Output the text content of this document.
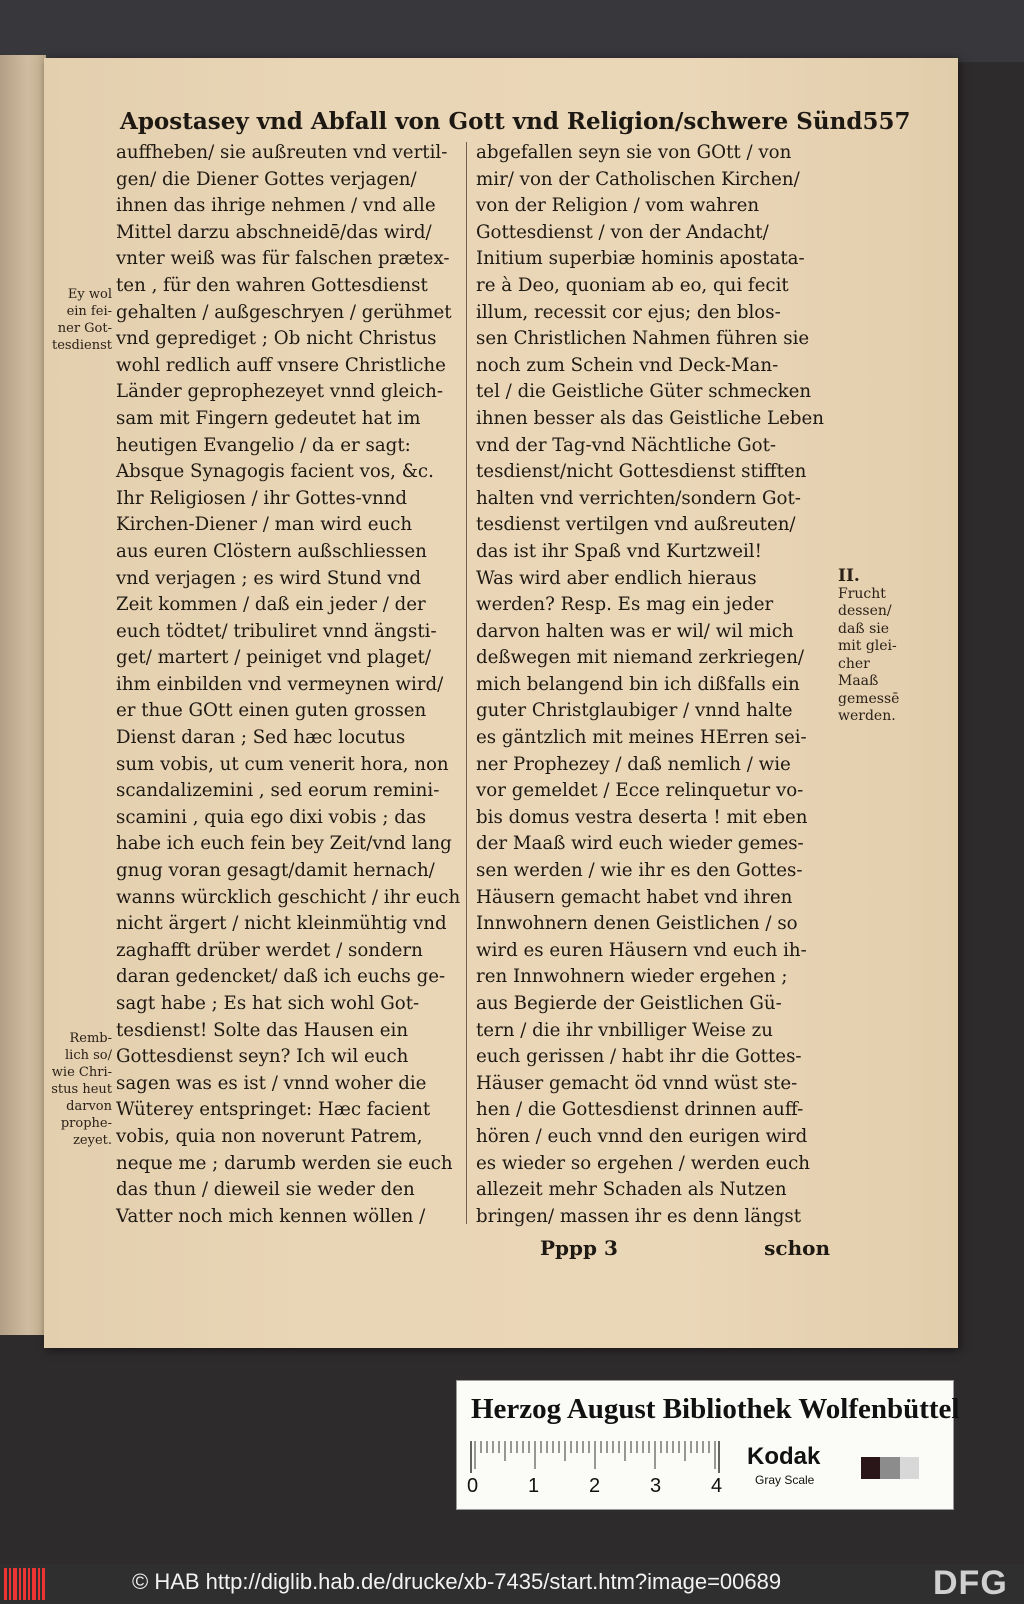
Apostasey vnd Abfall von Gott vnd Religion/schwere Sünd 557
auffheben/ sie außreuten vnd vertil-
gen/ die Diener Gottes verjagen/
ihnen das ihrige nehmen / vnd alle
Mittel darzu abschneidē/das wird/
vnter weiß was für falschen prætex-
ten , für den wahren Gottesdienst
gehalten / außgeschryen / gerühmet
vnd geprediget ; Ob nicht Christus
wohl redlich auff vnsere Christliche
Länder geprophezeyet vnnd gleich-
sam mit Fingern gedeutet hat im
heutigen Evangelio / da er sagt:
Absque Synagogis facient vos, &c.
Ihr Religiosen / ihr Gottes-vnnd
Kirchen-Diener / man wird euch
aus euren Clöstern außschliessen
vnd verjagen ; es wird Stund vnd
Zeit kommen / daß ein jeder / der
euch tödtet/ tribuliret vnnd ängsti-
get/ martert / peiniget vnd plaget/
ihm einbilden vnd vermeynen wird/
er thue GOtt einen guten grossen
Dienst daran ; Sed hæc locutus
sum vobis, ut cum venerit hora, non
scandalizemini , sed eorum remini-
scamini , quia ego dixi vobis ; das
habe ich euch fein bey Zeit/vnd lang
gnug voran gesagt/damit hernach/
wanns würcklich geschicht / ihr euch
nicht ärgert / nicht kleinmühtig vnd
zaghafft drüber werdet / sondern
daran gedencket/ daß ich euchs ge-
sagt habe ; Es hat sich wohl Got-
tesdienst! Solte das Hausen ein
Gottesdienst seyn? Ich wil euch
sagen was es ist / vnnd woher die
Wüterey entspringet: Hæc facient
vobis, quia non noverunt Patrem,
neque me ; darumb werden sie euch
das thun / dieweil sie weder den
Vatter noch mich kennen wöllen /
abgefallen seyn sie von GOtt / von
mir/ von der Catholischen Kirchen/
von der Religion / vom wahren
Gottesdienst / von der Andacht/
Initium superbiæ hominis apostata-
re à Deo, quoniam ab eo, qui fecit
illum, recessit cor ejus; den blos-
sen Christlichen Nahmen führen sie
noch zum Schein vnd Deck-Man-
tel / die Geistliche Güter schmecken
ihnen besser als das Geistliche Leben
vnd der Tag-vnd Nächtliche Got-
tesdienst/nicht Gottesdienst stifften
halten vnd verrichten/sondern Got-
tesdienst vertilgen vnd außreuten/
das ist ihr Spaß vnd Kurtzweil!
Was wird aber endlich hieraus
werden? Resp. Es mag ein jeder
darvon halten was er wil/ wil mich
deßwegen mit niemand zerkriegen/
mich belangend bin ich dißfalls ein
guter Christglaubiger / vnnd halte
es gäntzlich mit meines HErren sei-
ner Prophezey / daß nemlich / wie
vor gemeldet / Ecce relinquetur vo-
bis domus vestra deserta ! mit eben
der Maaß wird euch wieder gemes-
sen werden / wie ihr es den Gottes-
Häusern gemacht habet vnd ihren
Innwohnern denen Geistlichen / so
wird es euren Häusern vnd euch ih-
ren Innwohnern wieder ergehen ;
aus Begierde der Geistlichen Gü-
tern / die ihr vnbilliger Weise zu
euch gerissen / habt ihr die Gottes-
Häuser gemacht öd vnnd wüst ste-
hen / die Gottesdienst drinnen auff-
hören / euch vnnd den eurigen wird
es wieder so ergehen / werden euch
allezeit mehr Schaden als Nutzen
bringen/ massen ihr es denn längst
Pppp 3	schon
Ey wol
ein fei-
ner Got-
tesdienst
Remb-
lich so/
wie Chri-
stus heut
darvon
prophe-
zeyet.
II.
Frucht
dessen/
daß sie
mit glei-
cher
Maaß
gemessē
werden.
Herzog August Bibliothek Wolfenbüttel
0 1 2 3 4
Kodak
Gray Scale
© HAB http://diglib.hab.de/drucke/xb-7435/start.htm?image=00689	DFG
